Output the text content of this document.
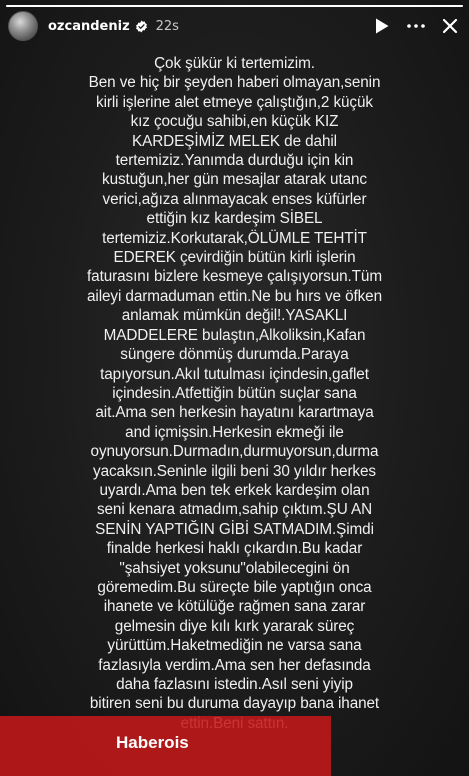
ozcandeniz 22s
Çok şükür ki tertemizim.
Ben ve hiç bir şeyden haberi olmayan,senin
kirli işlerine alet etmeye çalıştığın,2 küçük
kız çocuğu sahibi,en küçük KIZ
KARDEŞİMİZ MELEK de dahil
tertemiziz.Yanımda durduğu için kin
kustuğun,her gün mesajlar atarak utanc
verici,ağıza alınmayacak enses küfürler
ettiğin kız kardeşim SİBEL
tertemiziz.Korkutarak,ÖLÜMLE TEHTİT
EDEREK çevirdiğin bütün kirli işlerin
faturasını bizlere kesmeye çalışıyorsun.Tüm
aileyi darmaduman ettin.Ne bu hırs ve öfken
anlamak mümkün değil!.YASAKLI
MADDELERE bulaştın,Alkoliksin,Kafan
süngere dönmüş durumda.Paraya
tapıyorsun.Akıl tutulması içindesin,gaflet
içindesin.Atfettiğin bütün suçlar sana
ait.Ama sen herkesin hayatını karartmaya
and içmişsin.Herkesin ekmeği ile
oynuyorsun.Durmadın,durmuyorsun,durma
yacaksın.Seninle ilgili beni 30 yıldır herkes
uyardı.Ama ben tek erkek kardeşim olan
seni kenara atmadım,sahip çıktım.ŞU AN
SENİN YAPTIĞIN GİBİ SATMADIM.Şimdi
finalde herkesi haklı çıkardın.Bu kadar
"şahsiyet yoksunu"olabilecegini ön
göremedim.Bu süreçte bile yaptığın onca
ihanete ve kötülüğe rağmen sana zarar
gelmesin diye kılı kırk yararak süreç
yürüttüm.Haketmediğin ne varsa sana
fazlasıyla verdim.Ama sen her defasında
daha fazlasını istedin.Asıl seni yiyip
bitiren seni bu duruma dayayıp bana ihanet

Haberois
